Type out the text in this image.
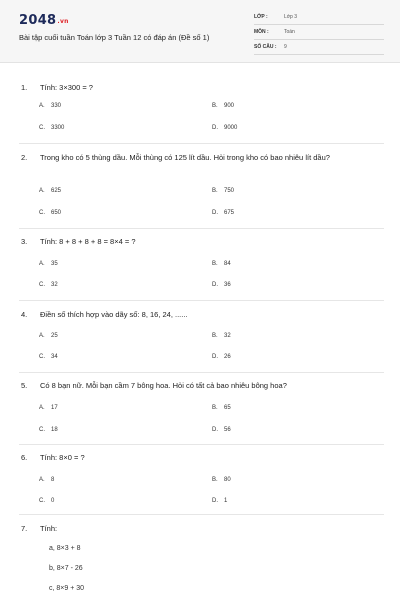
2048.vn
Bài tập cuối tuần Toán lớp 3 Tuần 12 có đáp án (Đề số 1)
LỚP :	Lớp 3
MÔN :	Toán
SỐ CÂU : 9
1. Tính: 3×300 = ?
A. 330	B. 900
C. 3300	D. 9000
2. Trong kho có 5 thùng dầu. Mỗi thùng có 125 lít dầu. Hỏi trong kho có bao nhiêu lít dầu?
A. 625	B. 750
C. 650	D. 675
3. Tính: 8 + 8 + 8 + 8 = 8×4 = ?
A. 35	B. 84
C. 32	D. 36
4. Điền số thích hợp vào dãy số: 8, 16, 24, ......
A. 25	B. 32
C. 34	D. 26
5. Có 8 bạn nữ. Mỗi bạn cầm 7 bông hoa. Hỏi có tất cả bao nhiêu bông hoa?
A. 17	B. 65
C. 18	D. 56
6. Tính: 8×0 = ?
A. 8	B. 80
C. 0	D. 1
7. Tính:
a, 8×3 + 8
b, 8×7 - 26
c, 8×9 + 30
